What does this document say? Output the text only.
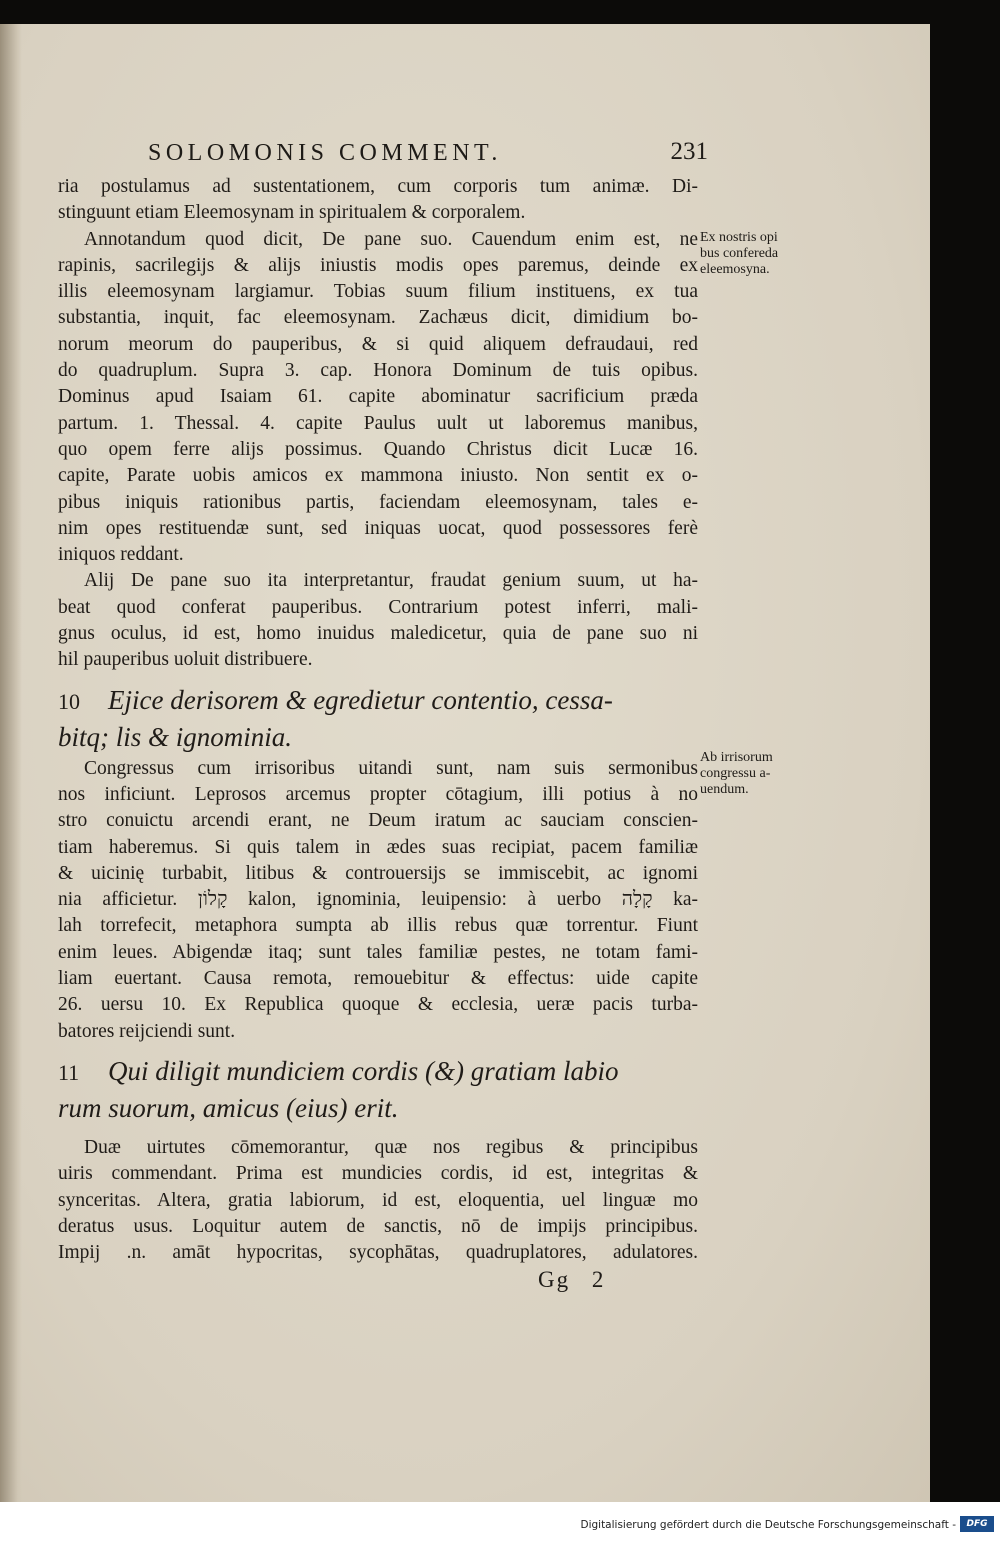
SOLOMONIS COMMENT.	231
ria postulamus ad sustentationem, cum corporis tum animæ. Di-
stinguunt etiam Eleemosynam in spiritualem & corporalem.
Annotandum quod dicit, De pane suo. Cauendum enim est, ne
rapinis, sacrilegijs & alijs iniustis modis opes paremus, deinde ex
illis eleemosynam largiamur. Tobias suum filium instituens, ex tua
substantia, inquit, fac eleemosynam. Zachæus dicit, dimidium bo-
norum meorum do pauperibus, & si quid aliquem defraudaui, red
do quadruplum. Supra 3. cap. Honora Dominum de tuis opibus.
Dominus apud Isaiam 61. capite abominatur sacrificium præda
partum. 1. Thessal. 4. capite Paulus uult ut laboremus manibus,
quo opem ferre alijs possimus. Quando Christus dicit Lucæ 16.
capite, Parate uobis amicos ex mammona iniusto. Non sentit ex o-
pibus iniquis rationibus partis, faciendam eleemosynam, tales e-
nim opes restituendæ sunt, sed iniquas uocat, quod possessores ferè
iniquos reddant.
Alij De pane suo ita interpretantur, fraudat genium suum, ut ha-
beat quod conferat pauperibus. Contrarium potest inferri, mali-
gnus oculus, id est, homo inuidus maledicetur, quia de pane suo ni
hil pauperibus uoluit distribuere.
10 Ejice derisorem & egredietur contentio, cessa-
bitq; lis & ignominia.
Congressus cum irrisoribus uitandi sunt, nam suis sermonibus
nos inficiunt. Leprosos arcemus propter cōtagium, illi potius à no
stro conuictu arcendi erant, ne Deum iratum ac sauciam conscien-
tiam haberemus. Si quis talem in ædes suas recipiat, pacem familiæ
& uicinię turbabit, litibus & controuersijs se immiscebit, ac ignomi
nia afficietur. קָלוֹן kalon, ignominia, leuipensio: à uerbo קָלָה ka-
lah torrefecit, metaphora sumpta ab illis rebus quæ torrentur. Fiunt
enim leues. Abigendæ itaq; sunt tales familiæ pestes, ne totam fami-
liam euertant. Causa remota, remouebitur & effectus: uide capite
26. uersu 10. Ex Republica quoque & ecclesia, ueræ pacis turba-
batores reijciendi sunt.
11 Qui diligit mundiciem cordis (&) gratiam labio
rum suorum, amicus (eius) erit.
Duæ uirtutes cōmemorantur, quæ nos regibus & principibus
uiris commendant. Prima est mundicies cordis, id est, integritas &
synceritas. Altera, gratia labiorum, id est, eloquentia, uel linguæ mo
deratus usus. Loquitur autem de sanctis, nō de impijs principibus.
Impij .n. amāt hypocritas, sycophātas, quadruplatores, adulatores.
Ex nostris opi
bus confereda
eleemosyna.
Ab irrisorum
congressu a-
uendum.
Gg 2
Digitalisierung gefördert durch die Deutsche Forschungsgemeinschaft -	DFG
